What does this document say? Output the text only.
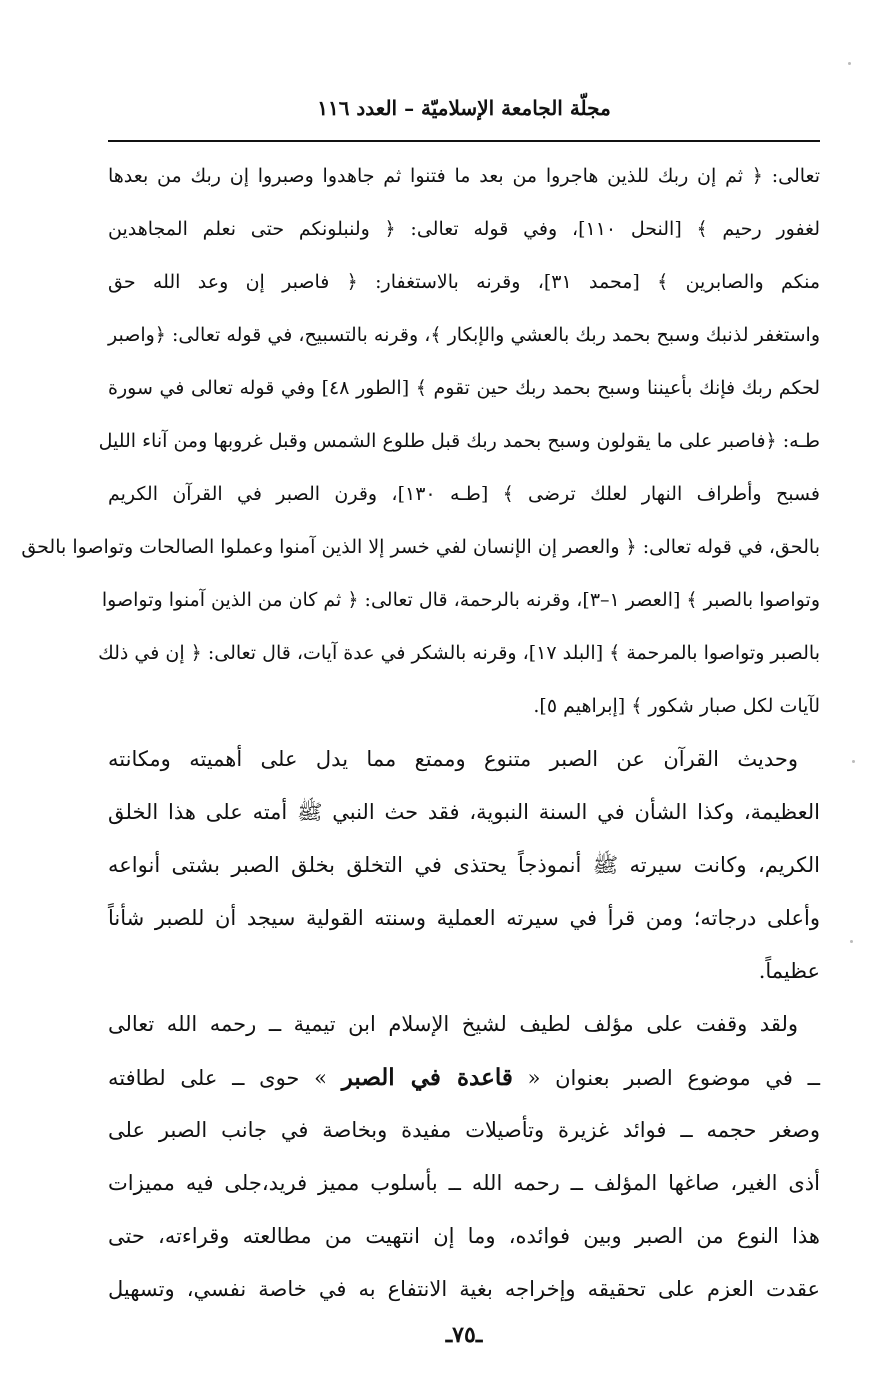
مجلّة الجامعة الإسلاميّة – العدد ١١٦
تعالى: ﴿ ثم إن ربك للذين هاجروا من بعد ما فتنوا ثم جاهدوا وصبروا إن ربك من بعدها
لغفور رحيم ﴾ [النحل ١١٠]، وفي قوله تعالى: ﴿ ولنبلونكم حتى نعلم المجاهدين
منكم والصابرين ﴾ [محمد ٣١]، وقرنه بالاستغفار: ﴿ فاصبر إن وعد الله حق
واستغفر لذنبك وسبح بحمد ربك بالعشي والإبكار ﴾، وقرنه بالتسبيح، في قوله تعالى: ﴿واصبر
لحكم ربك فإنك بأعيننا وسبح بحمد ربك حين تقوم ﴾ [الطور ٤٨] وفي قوله تعالى في سورة
طـه: ﴿فاصبر على ما يقولون وسبح بحمد ربك قبل طلوع الشمس وقبل غروبها ومن آناء الليل
فسبح وأطراف النهار لعلك ترضى ﴾ [طـه ١٣٠]، وقرن الصبر في القرآن الكريم
بالحق، في قوله تعالى: ﴿ والعصر إن الإنسان لفي خسر إلا الذين آمنوا وعملوا الصالحات وتواصوا بالحق
وتواصوا بالصبر ﴾ [العصر ١–٣]، وقرنه بالرحمة، قال تعالى: ﴿ ثم كان من الذين آمنوا وتواصوا
بالصبر وتواصوا بالمرحمة ﴾ [البلد ١٧]، وقرنه بالشكر في عدة آيات، قال تعالى: ﴿ إن في ذلك
لآيات لكل صبار شكور ﴾ [إبراهيم ٥].
وحديث القرآن عن الصبر متنوع وممتع مما يدل على أهميته ومكانته
العظيمة، وكذا الشأن في السنة النبوية، فقد حث النبي ﷺ أمته على هذا الخلق
الكريم، وكانت سيرته ﷺ أنموذجاً يحتذى في التخلق بخلق الصبر بشتى أنواعه
وأعلى درجاته؛ ومن قرأ في سيرته العملية وسنته القولية سيجد أن للصبر شأناً
عظيماً.
ولقد وقفت على مؤلف لطيف لشيخ الإسلام ابن تيمية ــ رحمه الله تعالى
ــ في موضوع الصبر بعنوان « قاعدة في الصبر » حوى ــ على لطافته
وصغر حجمه ــ فوائد غزيرة وتأصيلات مفيدة وبخاصة في جانب الصبر على
أذى الغير، صاغها المؤلف ــ رحمه الله ــ بأسلوب مميز فريد،جلى فيه مميزات
هذا النوع من الصبر وبين فوائده، وما إن انتهيت من مطالعته وقراءته، حتى
عقدت العزم على تحقيقه وإخراجه بغية الانتفاع به في خاصة نفسي، وتسهيل
ـ٧٥ـ
